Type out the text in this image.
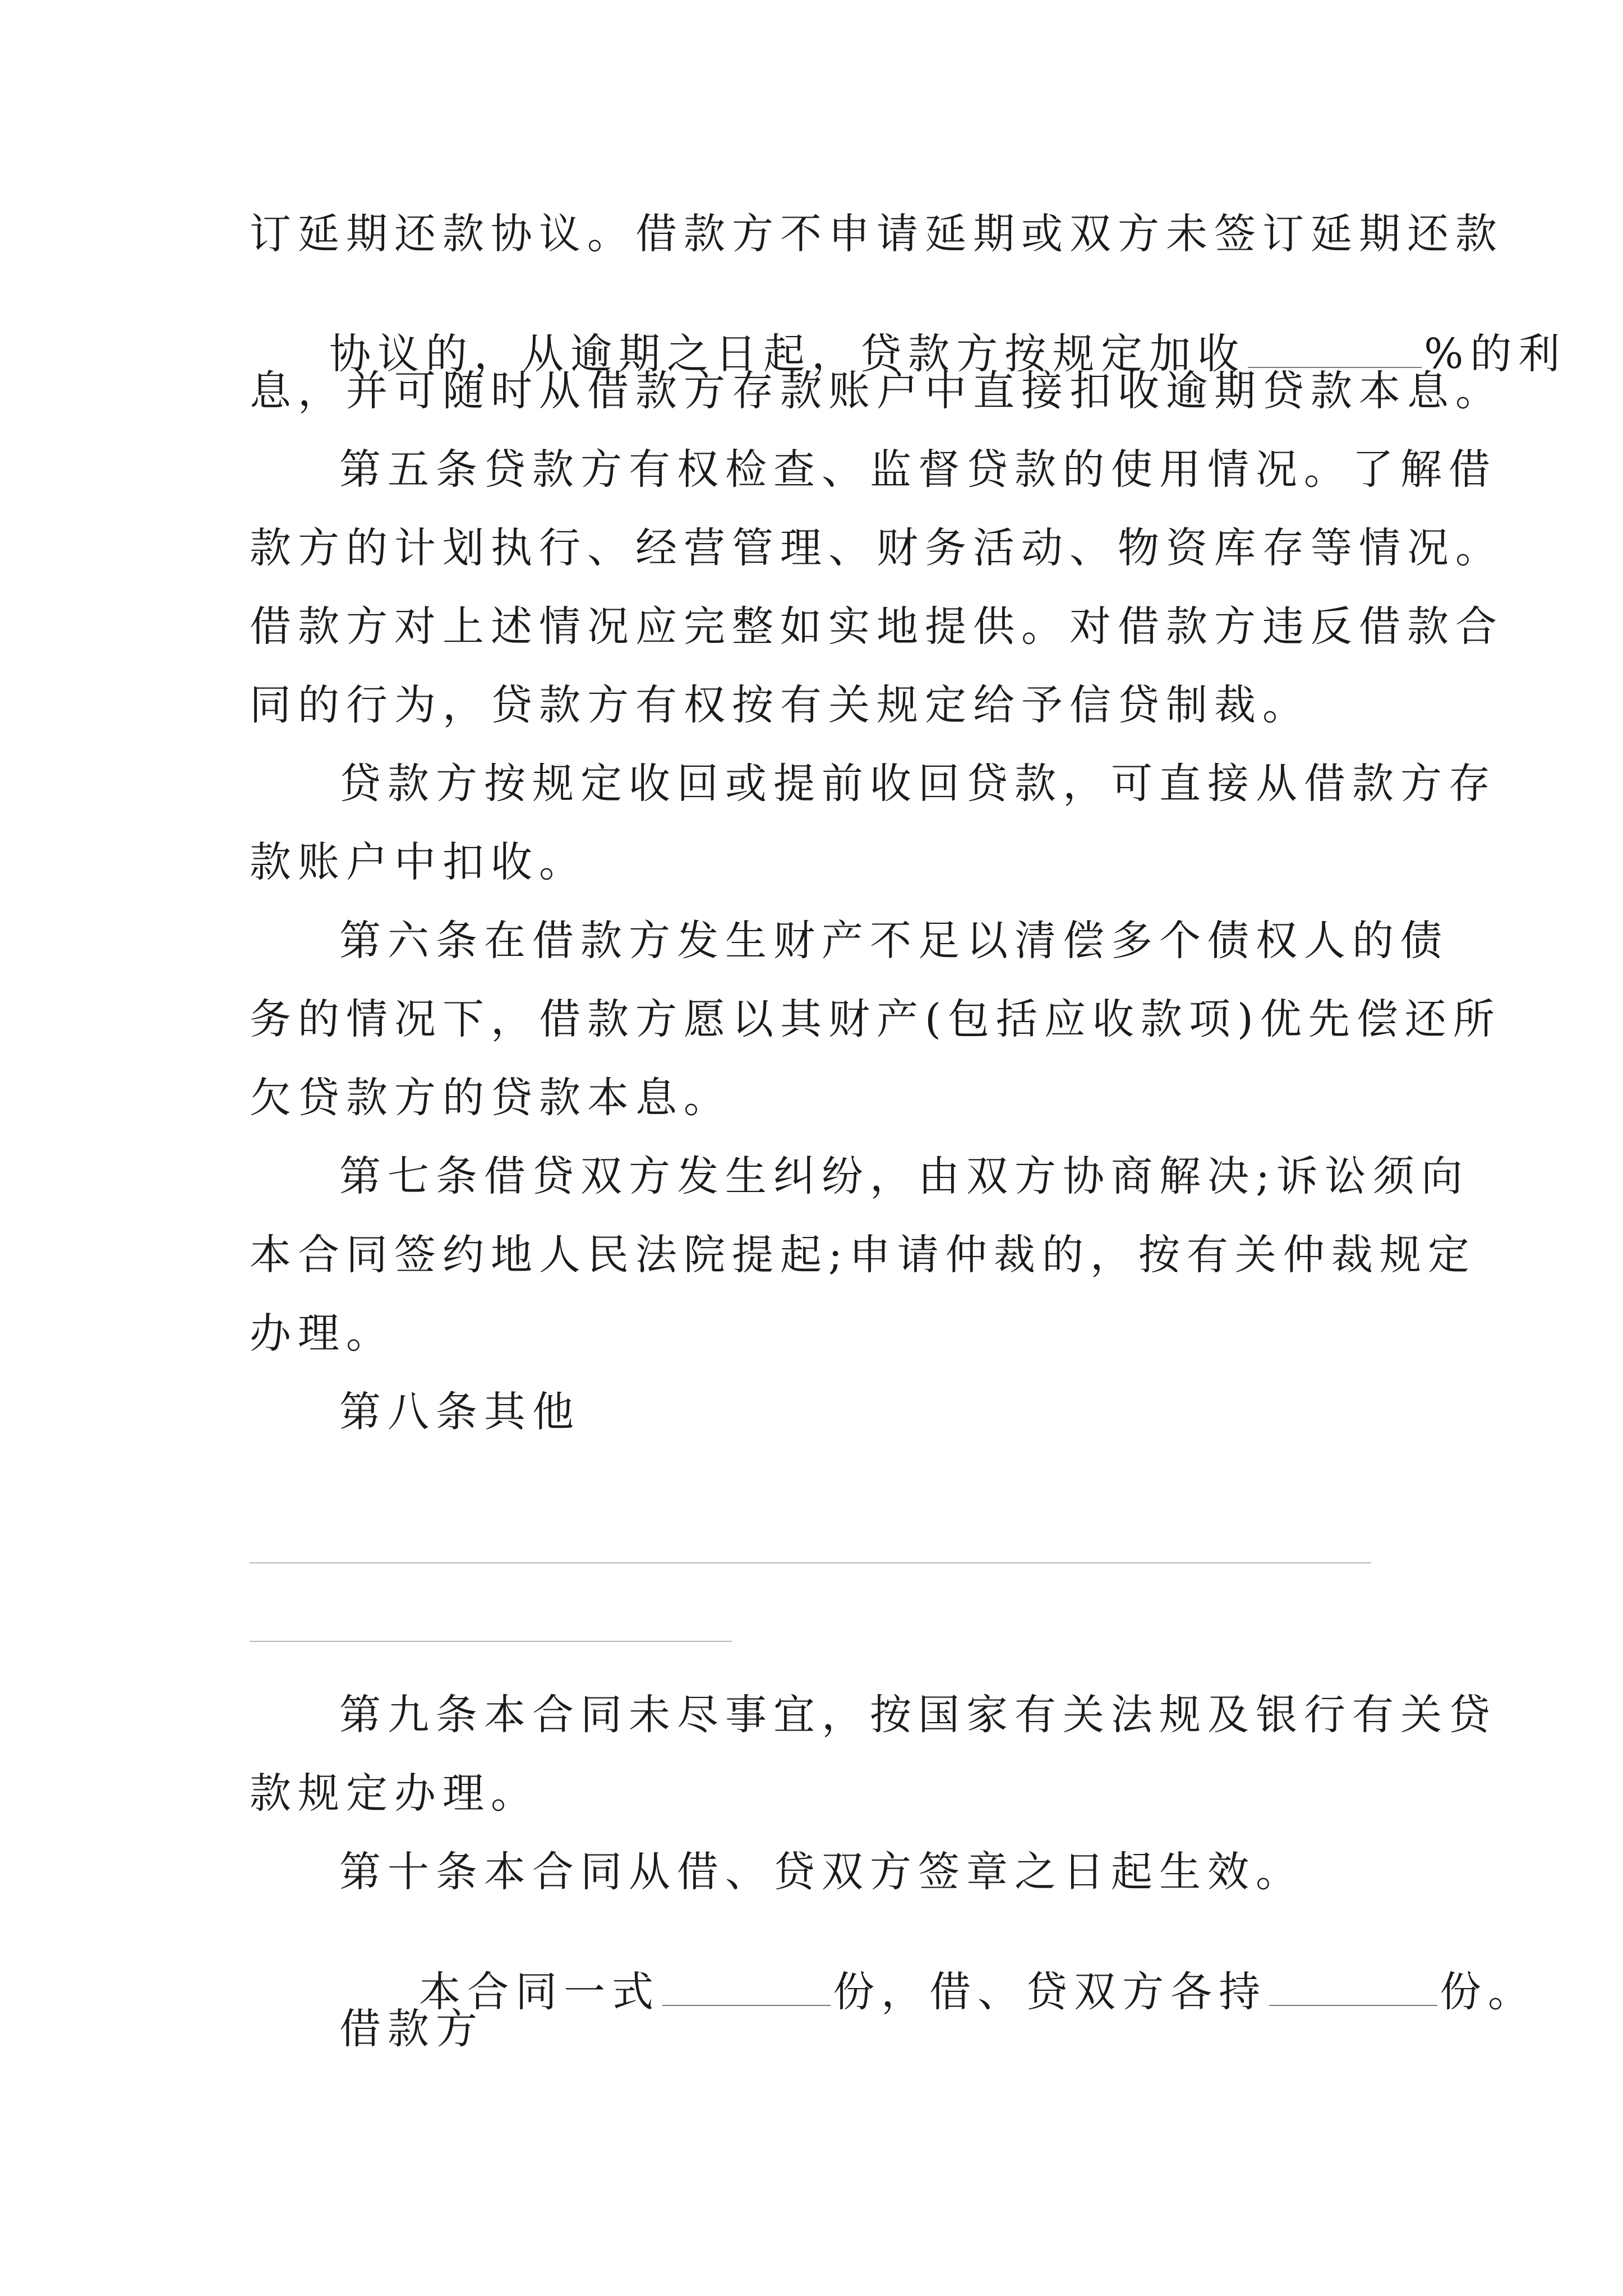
订延期还款协议。借款方不申请延期或双方未签订延期还款

协议的，从逾期之日起，贷款方按规定加收	%的利

息，并可随时从借款方存款账户中直接扣收逾期贷款本息。
第五条贷款方有权检查、监督贷款的使用情况。了解借
款方的计划执行、经营管理、财务活动、物资库存等情况。
借款方对上述情况应完整如实地提供。对借款方违反借款合
同的行为，贷款方有权按有关规定给予信贷制裁。
贷款方按规定收回或提前收回贷款，可直接从借款方存
款账户中扣收。
第六条在借款方发生财产不足以清偿多个债权人的债
务的情况下，借款方愿以其财产(包括应收款项)优先偿还所
欠贷款方的贷款本息。
第七条借贷双方发生纠纷，由双方协商解决;诉讼须向
本合同签约地人民法院提起;申请仲裁的，按有关仲裁规定
办理。
第八条其他
第九条本合同未尽事宜，按国家有关法规及银行有关贷
款规定办理。
第十条本合同从借、贷双方签章之日起生效。

本合同一式	份，借、贷双方各持	份。

借款方
